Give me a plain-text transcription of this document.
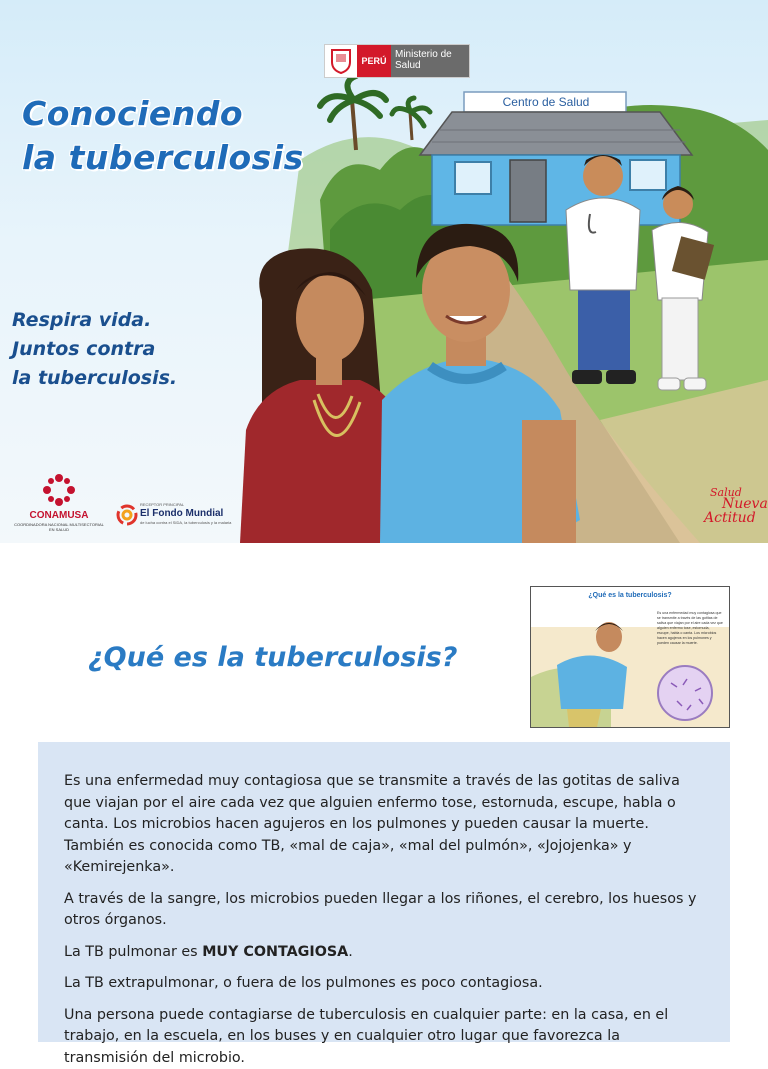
PERÚ
Ministerio de Salud
Centro de Salud
Conociendo
la tuberculosis
Respira vida.
Juntos contra
la tuberculosis.
CONAMUSA
COORDINADORA NACIONAL MULTISECTORIAL EN SALUD
RECEPTOR PRINCIPAL
El Fondo Mundial
de lucha contra el SIDA, la tuberculosis y la malaria
Salud
Nueva
Actitud
¿Qué es la tuberculosis?
¿Qué es la tuberculosis?
Es una enfermedad muy contagiosa que se transmite a través de las gotitas de saliva que viajan por el aire cada vez que alguien enfermo tose, estornuda, escupe, habla o canta. Los microbios hacen agujeros en los pulmones y pueden causar la muerte.

Es una enfermedad muy contagiosa que se transmite a través de las gotitas de saliva que viajan por el aire cada vez que alguien enfermo tose, estornuda, escupe, habla o canta. Los microbios hacen agujeros en los pulmones y pueden causar la muerte. También es conocida como TB, «mal de caja», «mal del pulmón», «Jojojenka» y «Kemirejenka».

A través de la sangre, los microbios pueden llegar a los riñones, el cerebro, los huesos y otros órganos.

La TB pulmonar es MUY CONTAGIOSA.

La TB extrapulmonar, o fuera de los pulmones es poco contagiosa.

Una persona puede contagiarse de tuberculosis en cualquier parte: en la casa, en el trabajo, en la escuela, en los buses y en cualquier otro lugar que favorezca la transmisión del microbio.
